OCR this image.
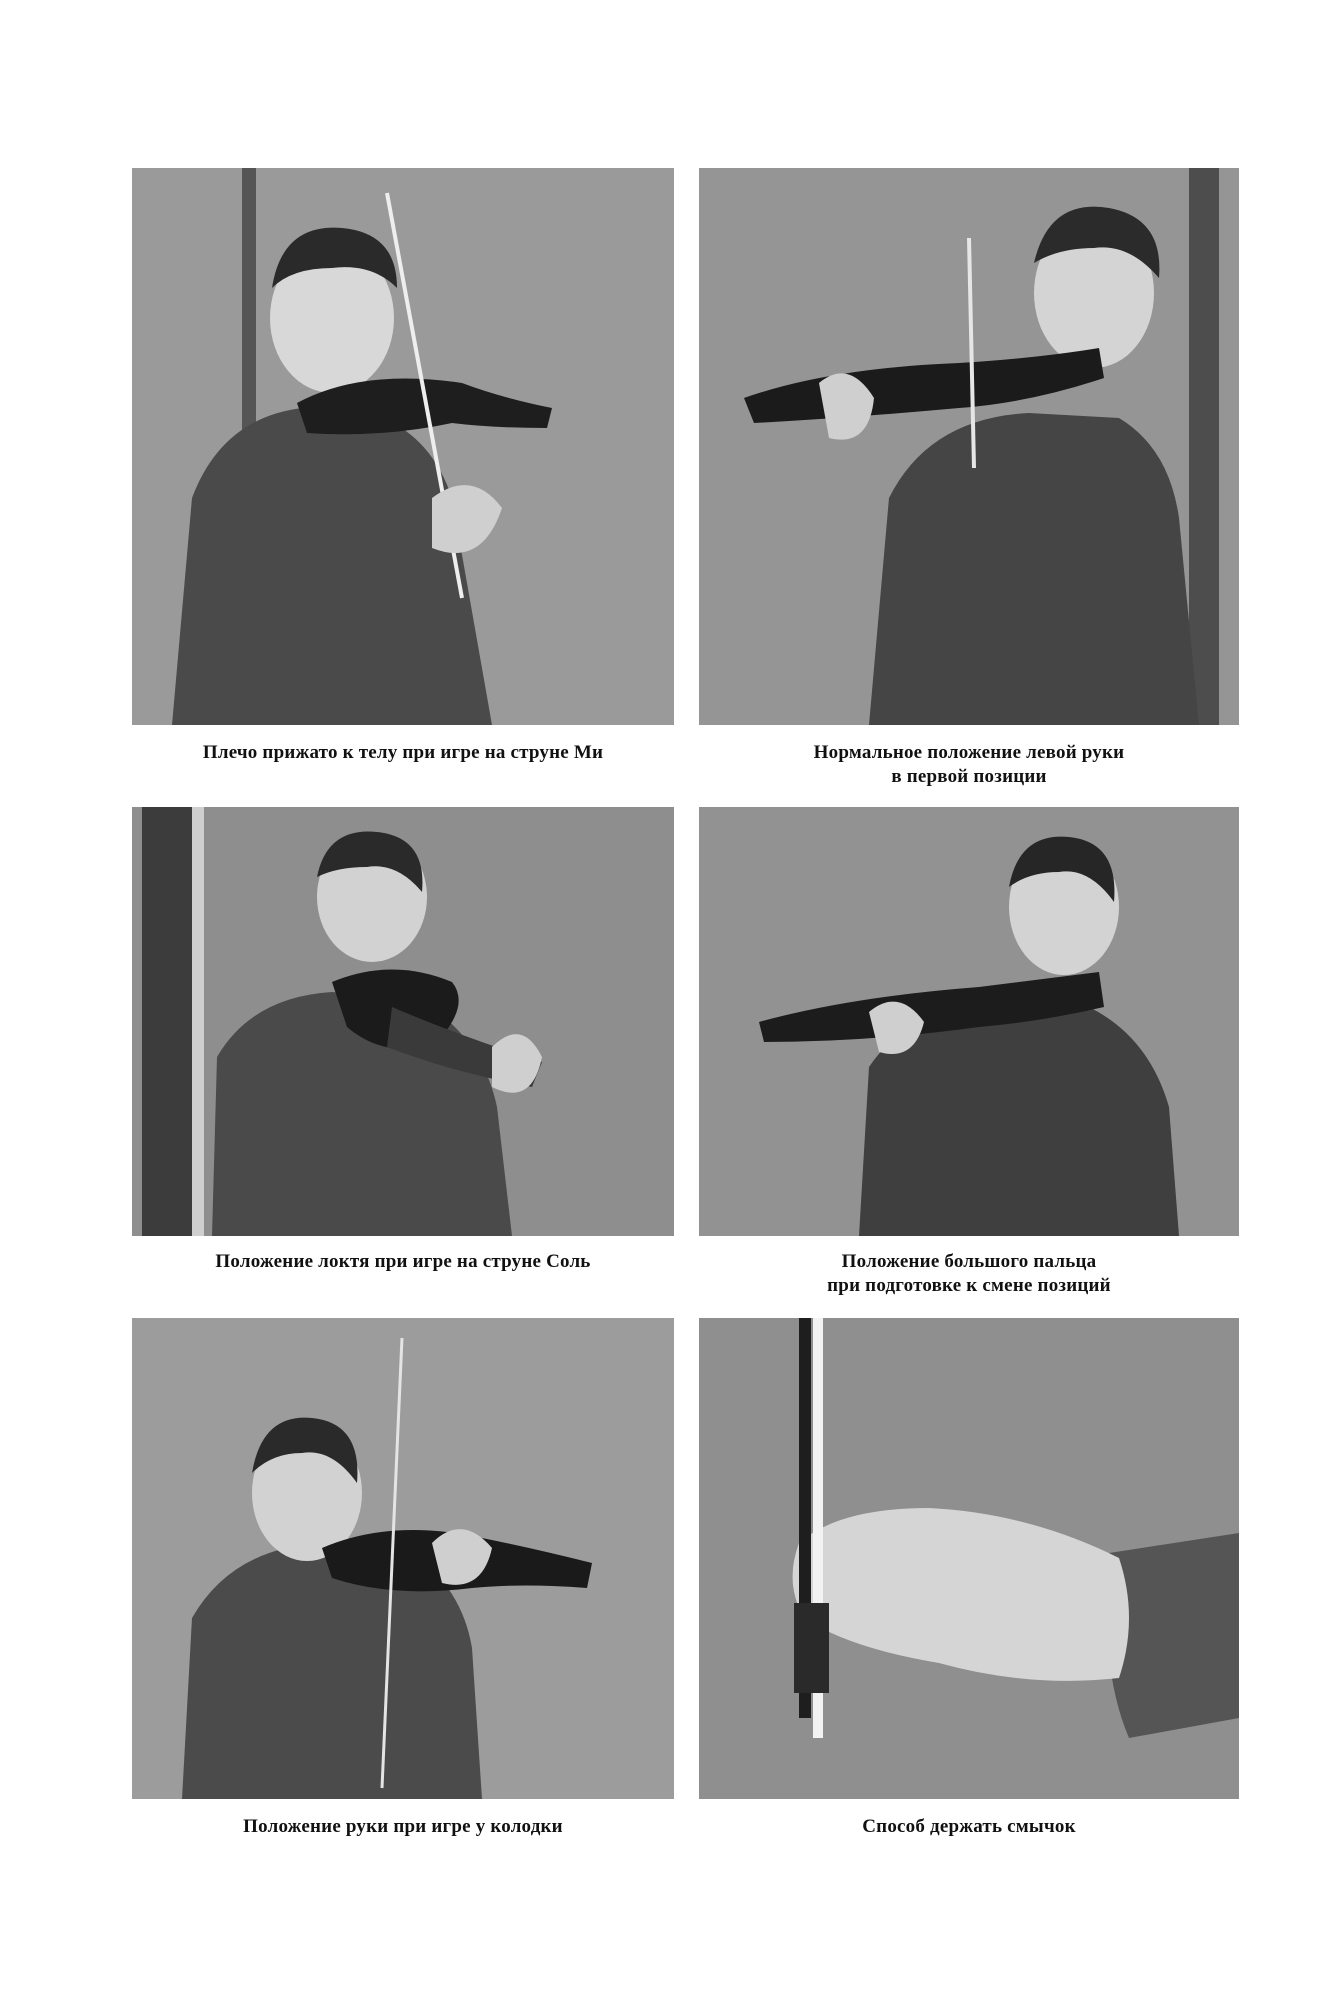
Плечо прижато к телу при игре на струне Ми	Нормальное положение левой руки
в первой позиции
Положение локтя при игре на струне Соль	Положение большого пальца
при подготовке к смене позиций
Положение руки при игре у колодки	Способ держать смычок
